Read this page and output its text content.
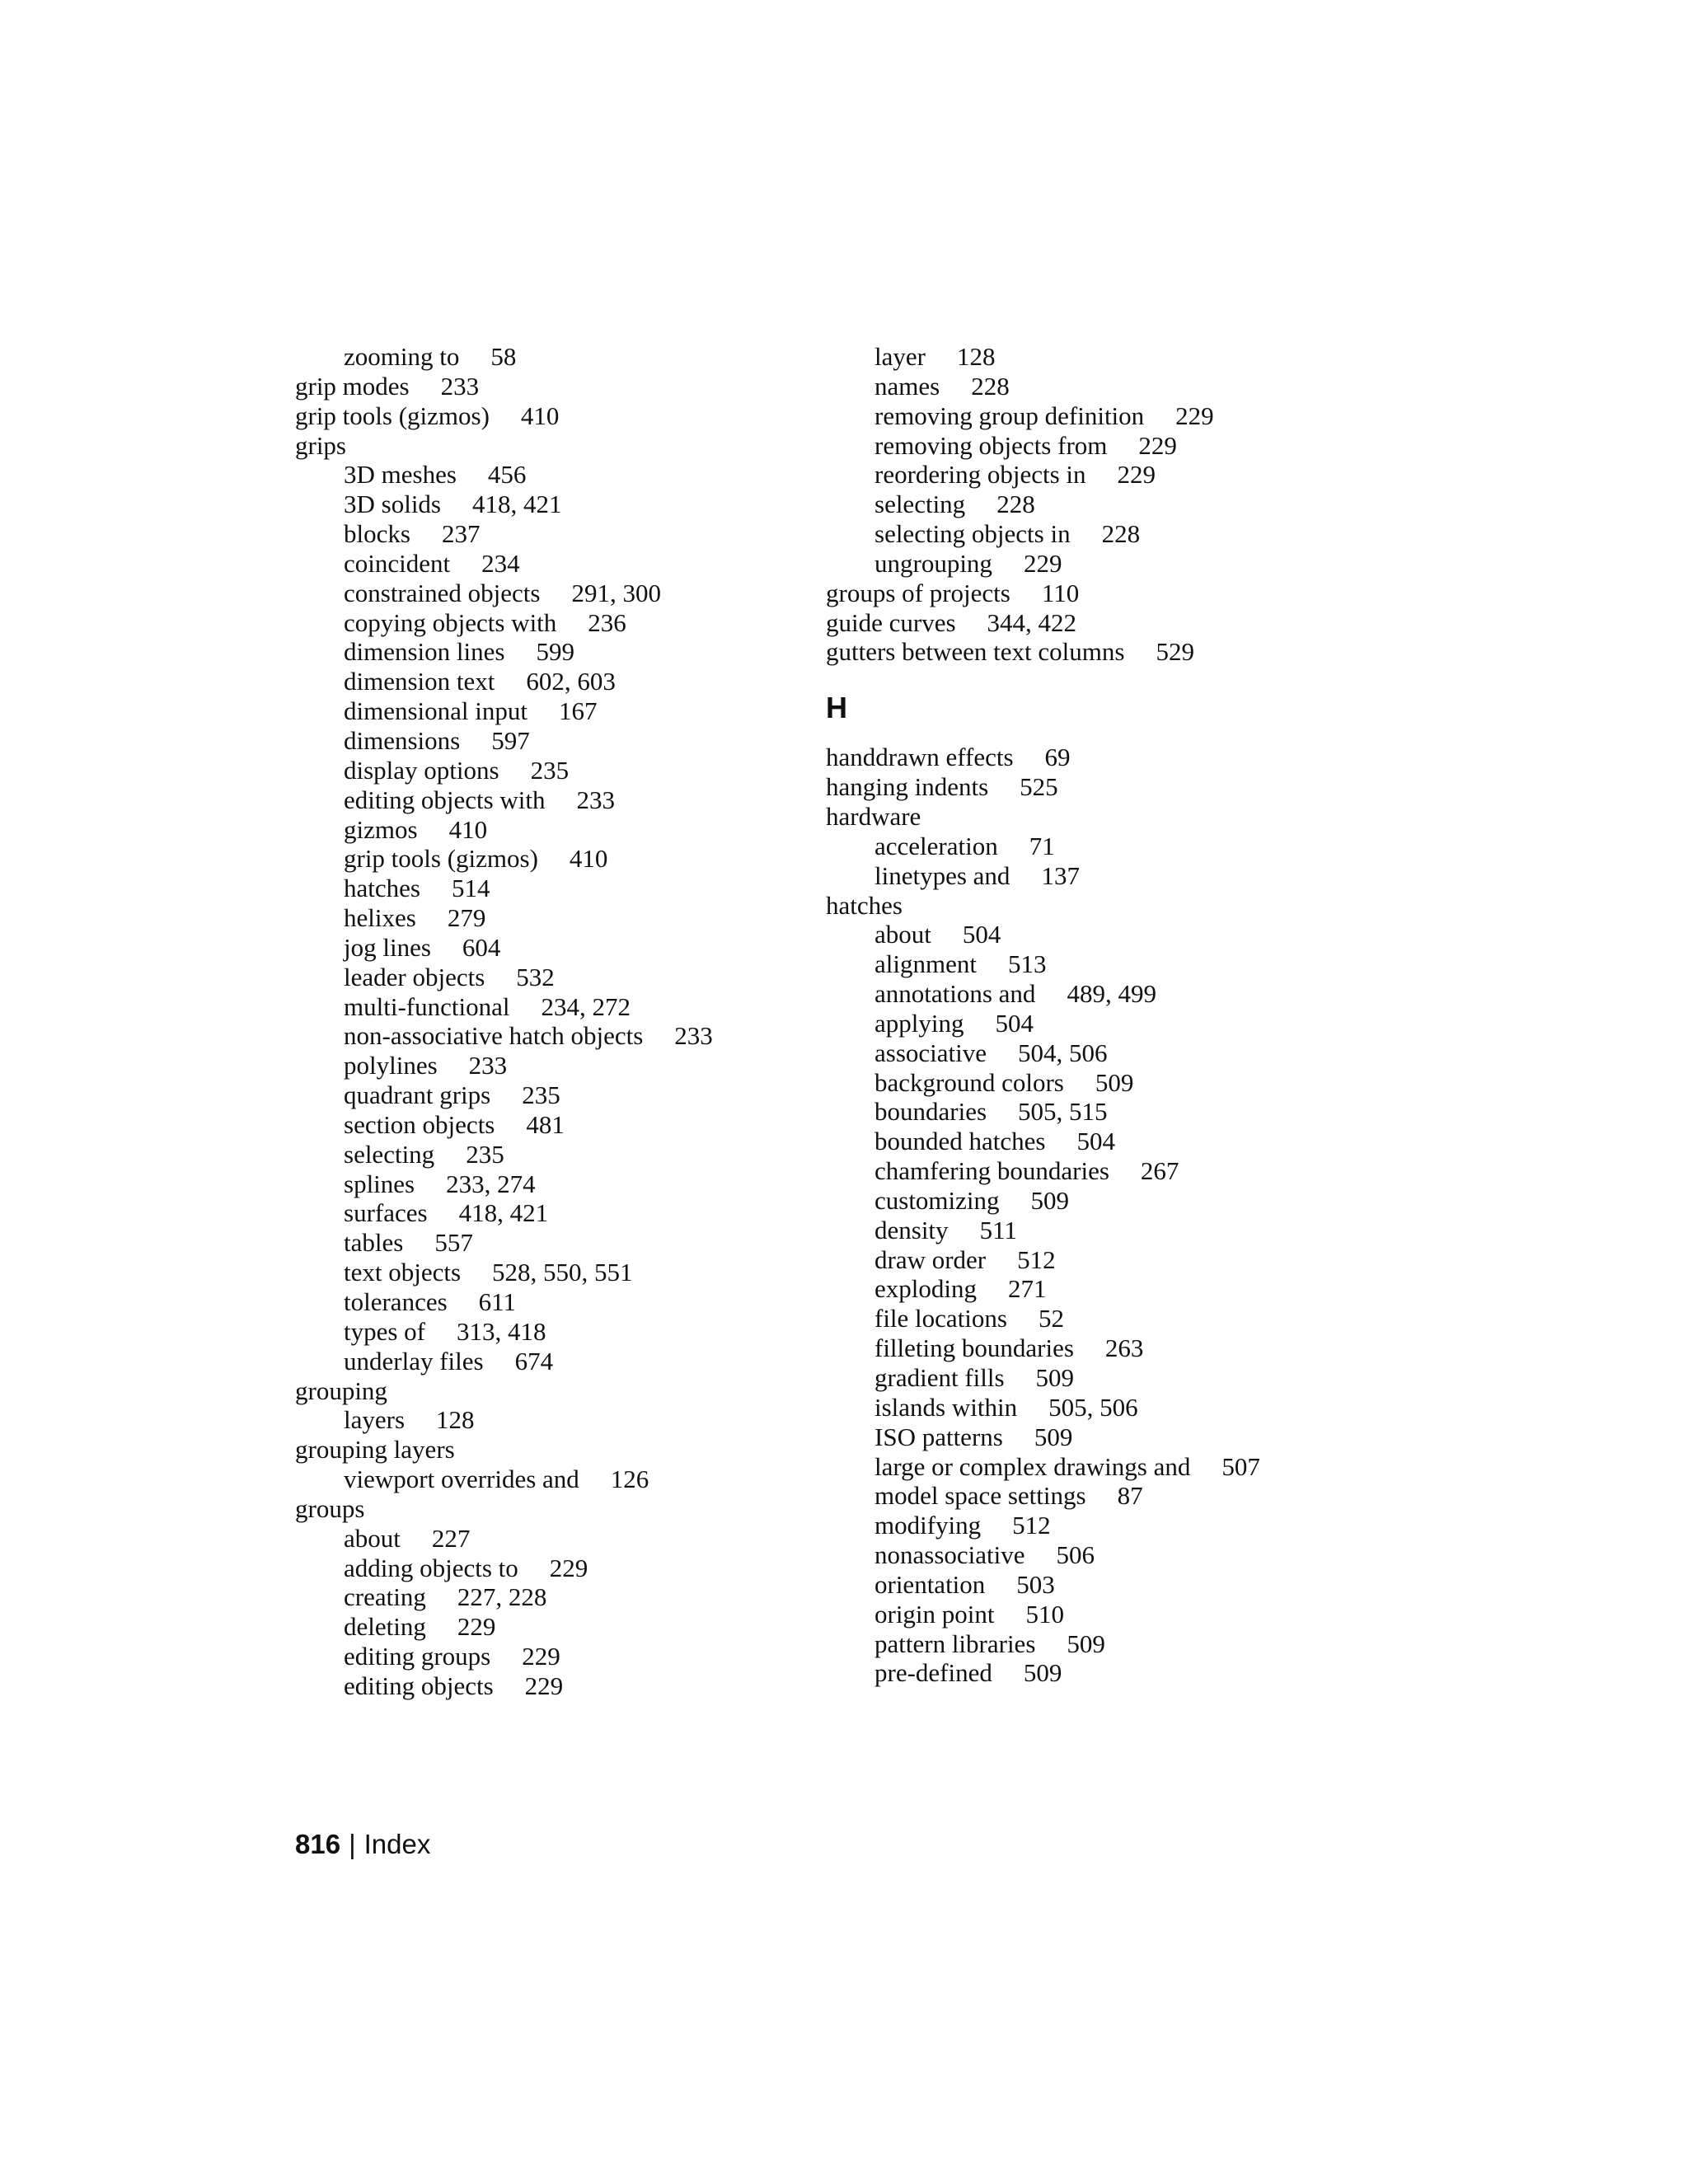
zooming to 58
grip modes 233
grip tools (gizmos) 410
grips
3D meshes 456
3D solids 418, 421
blocks 237
coincident 234
constrained objects 291, 300
copying objects with 236
dimension lines 599
dimension text 602, 603
dimensional input 167
dimensions 597
display options 235
editing objects with 233
gizmos 410
grip tools (gizmos) 410
hatches 514
helixes 279
jog lines 604
leader objects 532
multi-functional 234, 272
non-associative hatch objects 233
polylines 233
quadrant grips 235
section objects 481
selecting 235
splines 233, 274
surfaces 418, 421
tables 557
text objects 528, 550, 551
tolerances 611
types of 313, 418
underlay files 674
grouping
layers 128
grouping layers
viewport overrides and 126
groups
about 227
adding objects to 229
creating 227, 228
deleting 229
editing groups 229
editing objects 229
layer 128
names 228
removing group definition 229
removing objects from 229
reordering objects in 229
selecting 228
selecting objects in 228
ungrouping 229
groups of projects 110
guide curves 344, 422
gutters between text columns 529
H
handdrawn effects 69
hanging indents 525
hardware
acceleration 71
linetypes and 137
hatches
about 504
alignment 513
annotations and 489, 499
applying 504
associative 504, 506
background colors 509
boundaries 505, 515
bounded hatches 504
chamfering boundaries 267
customizing 509
density 511
draw order 512
exploding 271
file locations 52
filleting boundaries 263
gradient fills 509
islands within 505, 506
ISO patterns 509
large or complex drawings and 507
model space settings 87
modifying 512
nonassociative 506
orientation 503
origin point 510
pattern libraries 509
pre-defined 509
816 | Index
